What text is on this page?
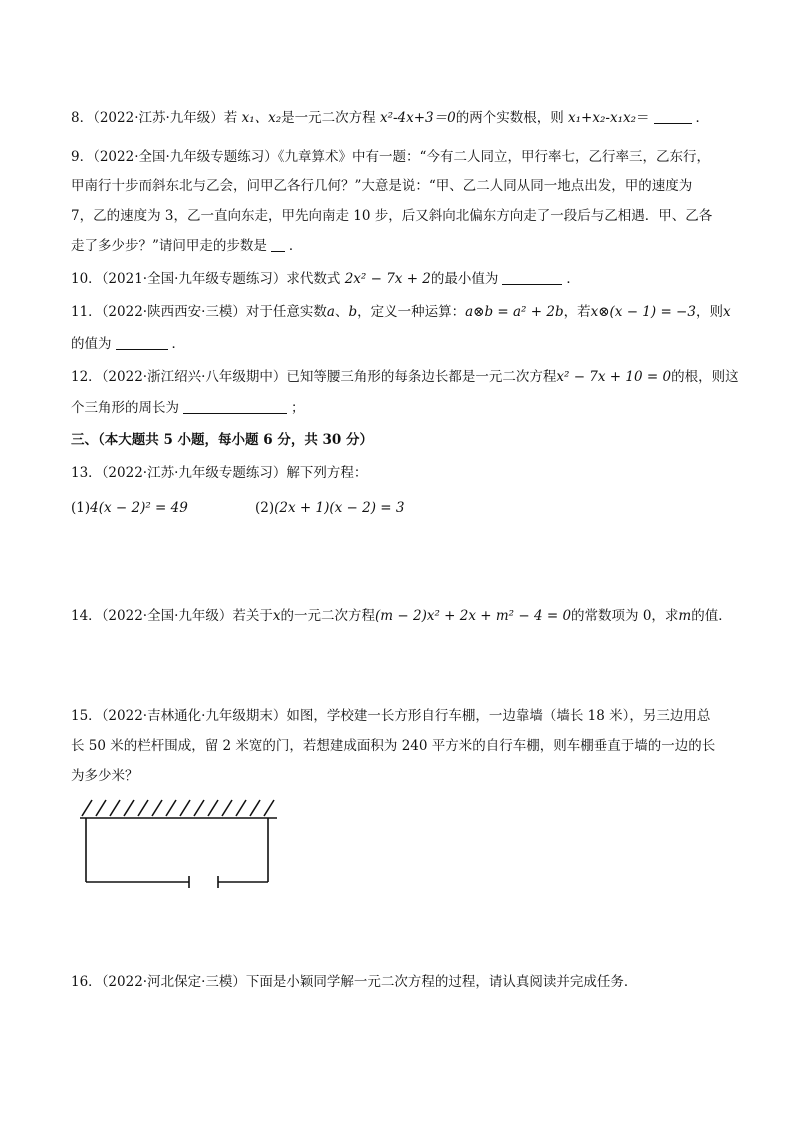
8．（2022·江苏·九年级）若 x₁、x₂是一元二次方程 x²-4x+3＝0的两个实数根，则 x₁+x₂-x₁x₂＝	．
9．（2022·全国·九年级专题练习）《九章算术》中有一题：“今有二人同立，甲行率七，乙行率三，乙东行，
甲南行十步而斜东北与乙会，问甲乙各行几何？”大意是说：“甲、乙二人同从同一地点出发，甲的速度为
7，乙的速度为 3，乙一直向东走，甲先向南走 10 步，后又斜向北偏东方向走了一段后与乙相遇．甲、乙各
走了多少步？”请问甲走的步数是 ．
10．（2021·全国·九年级专题练习）求代数式 2x² − 7x + 2的最小值为	．
11．（2022·陕西西安·三模）对于任意实数a、b，定义一种运算：a⊗b = a² + 2b，若x⊗(x − 1) = −3，则x
的值为	．
12．（2022·浙江绍兴·八年级期中）已知等腰三角形的每条边长都是一元二次方程x² − 7x + 10 = 0的根，则这
个三角形的周长为	；
三、（本大题共 5 小题，每小题 6 分，共 30 分）
13．（2022·江苏·九年级专题练习）解下列方程：
(1)4(x − 2)² = 49	(2)(2x + 1)(x − 2) = 3
14．（2022·全国·九年级）若关于x的一元二次方程(m − 2)x² + 2x + m² − 4 = 0的常数项为 0，求m的值．
15．（2022·吉林通化·九年级期末）如图，学校建一长方形自行车棚，一边靠墙（墙长 18 米），另三边用总
长 50 米的栏杆围成，留 2 米宽的门，若想建成面积为 240 平方米的自行车棚，则车棚垂直于墙的一边的长
为多少米？
16．（2022·河北保定·三模）下面是小颖同学解一元二次方程的过程，请认真阅读并完成任务．
